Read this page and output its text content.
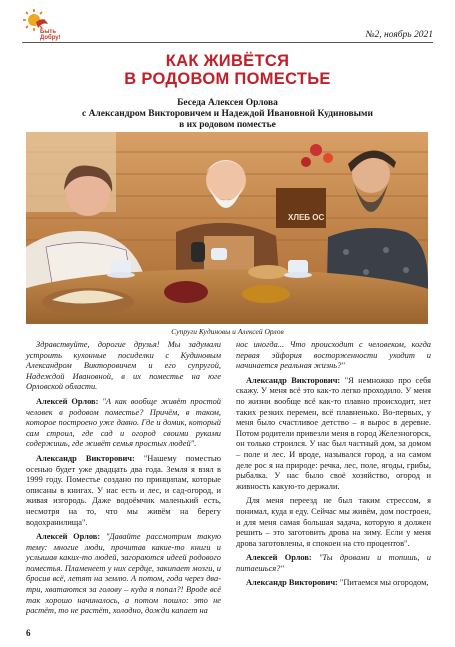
Быть
Добру!	№2, ноябрь 2021
КАК ЖИВЁТСЯ
В РОДОВОМ ПОМЕСТЬЕ
Беседа Алексея Орлова
с Александром Викторовичем и Надеждой Ивановной Кудиновыми
в их родовом поместье
ХЛЕБ ОС
Супруги Кудиновы и Алексей Орлов

Здравствуйте, дорогие друзья! Мы задумали устроить кухонные посиделки с Кудиновым Александром Викторовичем и его супругой, Надеждой Ивановной, в их поместье на юге Орловской области.

Алексей Орлов: "А как вообще живёт простой человек в родовом поместье? Причём, в таком, которое построено уже давно. Где и домик, который сам строил, где сад и огород своими руками содержишь, где живёт семья простых людей".

Александр Викторович: "Нашему поместью осенью будет уже двадцать два года. Земля я взял в 1999 году. Поместье создано по принципам, которые описаны в книгах. У нас есть и лес, и сад-огород, и живая изгородь. Даже водоёмчик маленький есть, несмотря на то, что мы живём на берегу водохранилища".

Алексей Орлов: "Давайте рассмотрим такую тему: многие люди, прочитав какие-то книги и услышав каких-то людей, загораются идеей родового поместья. Пламенеет у них сердце, закипает мозги, и бросив всё, летят на землю. А потом, года через два-три, хватаются за голову – куда я попал?! Вроде всё так хорошо начиналось, а потом пошло: это не растёт, то не растёт, холодно, дожди капает на

нос иногда... Что происходит с человеком, когда первая эйфория восторженности уходит и начинается реальная жизнь?"

Александр Викторович: "Я немножко про себя скажу. У меня всё это как-то легко проходило. У меня по жизни вообще всё как-то плавно происходит, нет таких резких перемен, всё плавненько. Во-первых, у меня было счастливое детство – я вырос в деревне. Потом родители привезли меня в город Железногорск, он только строился. У нас был частный дом, за домом – поле и лес. И вроде, назывался город, а на самом деле рос я на природе: речка, лес, поле, ягоды, грибы, рыбалка. У нас было своё хозяйство, огород и живность какую-то держали.

Для меня переезд не был таким стрессом, я понимал, куда я еду. Сейчас мы живём, дом построен, и для меня самая большая задача, которую я должен решить – это заготовить дрова на зиму. Если у меня дрова заготовлены, я спокоен на сто процентов".

Алексей Орлов: "Ты дровами и топишь, и питаешься?"

Александр Викторович: "Питаемся мы огородом,

6
